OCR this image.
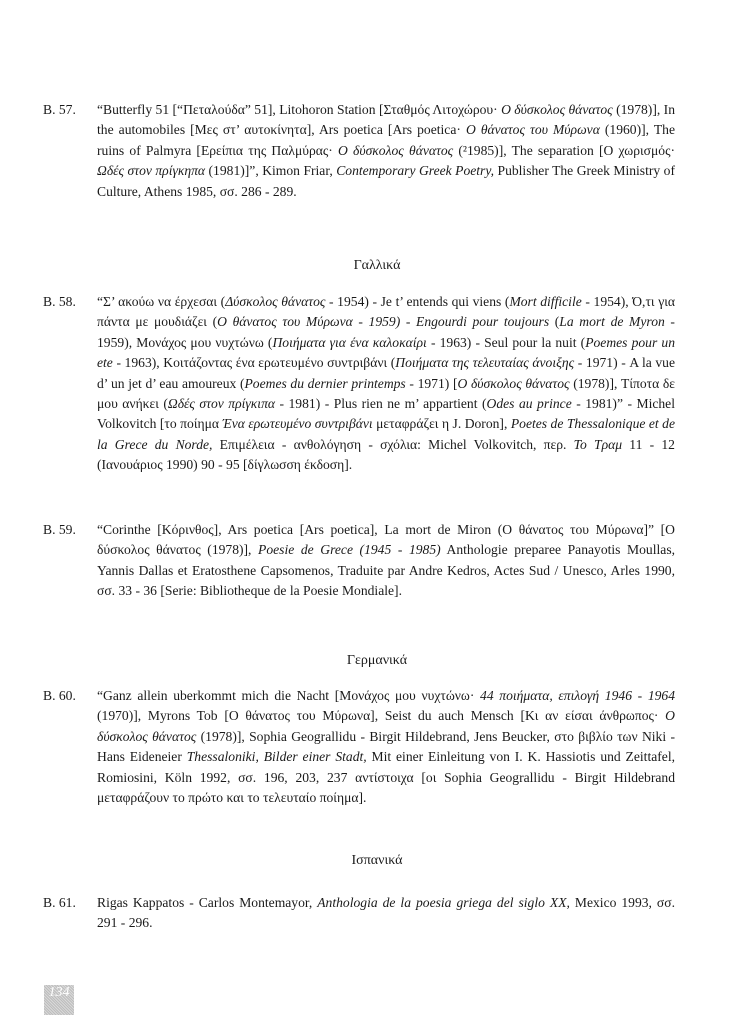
Β. 57.	“Butterfly 51 [“Πεταλούδα” 51], Litohoron Station [Σταθμός Λιτοχώρου· Ο δύσκολος θάνατος (1978)], In the automobiles [Μες στ’ αυτοκίνητα], Ars poetica [Ars poetica· Ο θάνατος του Μύρωνα (1960)], The ruins of Palmyra [Ερείπια της Παλμύρας· Ο δύσκολος θάνατος (²1985)], The separation [Ο χωρισμός· Ωδές στον πρίγκηπα (1981)]”, Kimon Friar, Contemporary Greek Poetry, Publisher The Greek Ministry of Culture, Athens 1985, σσ. 286 - 289.
Γαλλικά
Β. 58.	“Σ’ ακούω να έρχεσαι (Δύσκολος θάνατος - 1954) - Je t’ entends qui viens (Mort difficile - 1954), Ό,τι για πάντα με μουδιάζει (Ο θάνατος του Μύρωνα - 1959) - Engourdi pour toujours (La mort de Myron - 1959), Μονάχος μου νυχτώνω (Ποιήματα για ένα καλοκαίρι - 1963) - Seul pour la nuit (Poemes pour un ete - 1963), Κοιτάζοντας ένα ερωτευμένο συντριβάνι (Ποιήματα της τελευταίας άνοιξης - 1971) - A la vue d’ un jet d’ eau amoureux (Poemes du dernier printemps - 1971) [Ο δύσκολος θάνατος (1978)], Τίποτα δε μου ανήκει (Ωδές στον πρίγκιπα - 1981) - Plus rien ne m’ appartient (Odes au prince - 1981)” - Michel Volkovitch [το ποίημα Ένα ερωτευμένο συντριβάνι μεταφράζει η J. Doron], Poetes de Thessalonique et de la Grece du Norde, Επιμέλεια - ανθολόγηση - σχόλια: Michel Volkovitch, περ. Το Τραμ 11 - 12 (Ιανουάριος 1990) 90 - 95 [δίγλωσση έκδοση].
Β. 59.	“Corinthe [Κόρινθος], Ars poetica [Ars poetica], La mort de Miron (Ο θάνατος του Μύρωνα]” [Ο δύσκολος θάνατος (1978)], Poesie de Grece (1945 - 1985) Anthologie preparee Panayotis Moullas, Yannis Dallas et Eratosthene Capsomenos, Traduite par Andre Kedros, Actes Sud / Unesco, Arles 1990, σσ. 33 - 36 [Serie: Bibliotheque de la Poesie Mondiale].
Γερμανικά
Β. 60.	“Ganz allein uberkommt mich die Nacht [Μονάχος μου νυχτώνω· 44 ποιήματα, επιλογή 1946 - 1964 (1970)], Myrons Tob [Ο θάνατος του Μύρωνα], Seist du auch Mensch [Κι αν είσαι άνθρωπος· Ο δύσκολος θάνατος (1978)], Sophia Geograllidu - Birgit Hildebrand, Jens Beucker, στο βιβλίο των Niki - Hans Eideneier Thessaloniki, Bilder einer Stadt, Mit einer Einleitung von I. K. Hassiotis und Zeittafel, Romiosini, Köln 1992, σσ. 196, 203, 237 αντίστοιχα [οι Sophia Geograllidu - Birgit Hildebrand μεταφράζουν το πρώτο και το τελευταίο ποίημα].
Ισπανικά
Β. 61.	Rigas Kappatos - Carlos Montemayor, Anthologia de la poesia griega del siglo XX, Mexico 1993, σσ. 291 - 296.
134
